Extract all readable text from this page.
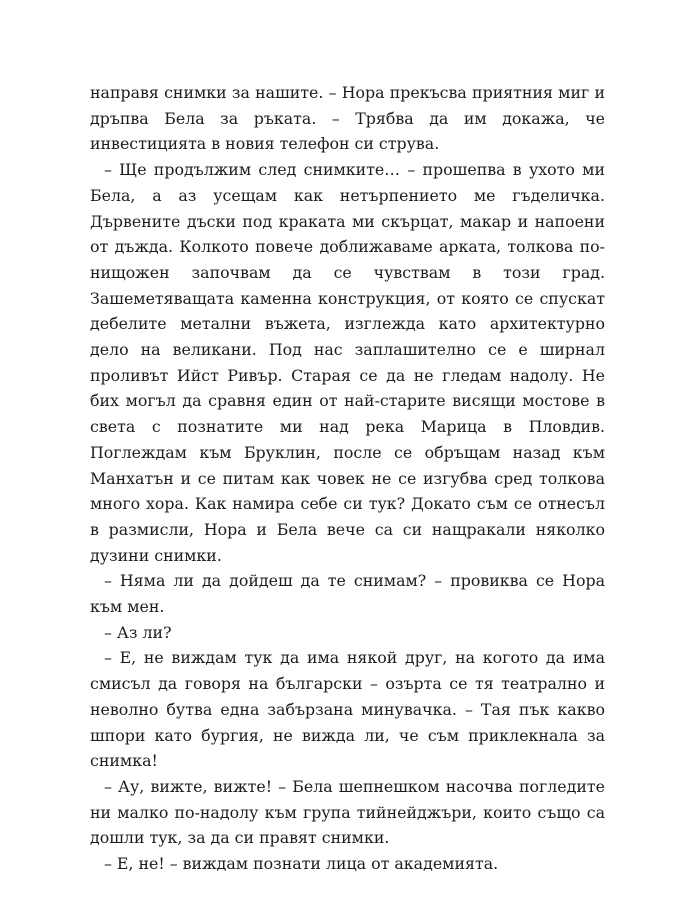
направя снимки за нашите. – Нора прекъсва приятния миг и дръпва Бела за ръката. – Трябва да им докажа, че инвестицията в новия телефон си струва.

– Ще продължим след снимките… – прошепва в ухото ми Бела, а аз усещам как нетърпението ме гъделичка. Дървените дъски под краката ми скърцат, макар и напоени от дъжда. Колкото повече доближаваме арката, толкова по-нищожен започвам да се чувствам в този град. Зашеметяващата каменна конструкция, от която се спускат дебелите метални въжета, изглежда като архитектурно дело на великани. Под нас заплашително се е ширнал проливът Ийст Ривър. Старая се да не гледам надолу. Не бих могъл да сравня един от най-старите висящи мостове в света с познатите ми над река Марица в Пловдив. Поглеждам към Бруклин, после се обръщам назад към Манхатън и се питам как човек не се изгубва сред толкова много хора. Как намира себе си тук? Докато съм се отнесъл в размисли, Нора и Бела вече са си нащракали няколко дузини снимки.

– Няма ли да дойдеш да те снимам? – провиква се Нора към мен.

– Аз ли?

– Е, не виждам тук да има някой друг, на когото да има смисъл да говоря на български – озърта се тя театрално и неволно бутва една забързана минувачка. – Тая пък какво шпори като бургия, не вижда ли, че съм приклекнала за снимка!

– Ау, вижте, вижте! – Бела шепнешком насочва погледите ни малко по-надолу към група тийнейджъри, които също са дошли тук, за да си правят снимки.

– Е, не! – виждам познати лица от академията.
